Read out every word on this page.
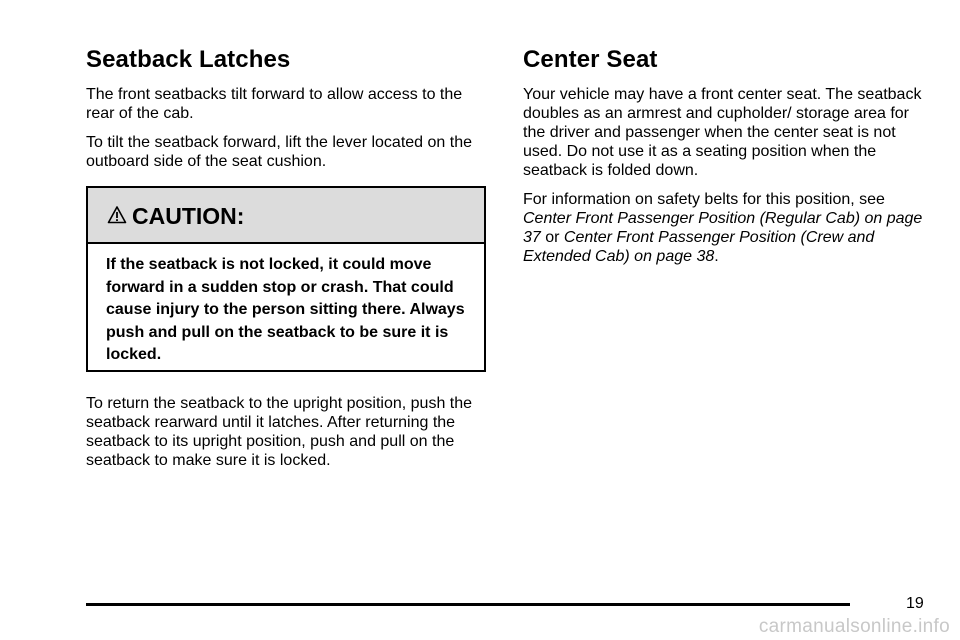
Seatback Latches

The front seatbacks tilt forward to allow access to the rear of the cab.

To tilt the seatback forward, lift the lever located on the outboard side of the seat cushion.

CAUTION:
If the seatback is not locked, it could move forward in a sudden stop or crash. That could cause injury to the person sitting there. Always push and pull on the seatback to be sure it is locked.

To return the seatback to the upright position, push the seatback rearward until it latches. After returning the seatback to its upright position, push and pull on the seatback to make sure it is locked.

Center Seat

Your vehicle may have a front center seat. The seatback doubles as an armrest and cupholder/ storage area for the driver and passenger when the center seat is not used. Do not use it as a seating position when the seatback is folded down.

For information on safety belts for this position, see Center Front Passenger Position (Regular Cab) on page 37 or Center Front Passenger Position (Crew and Extended Cab) on page 38.

19
carmanualsonline.info
